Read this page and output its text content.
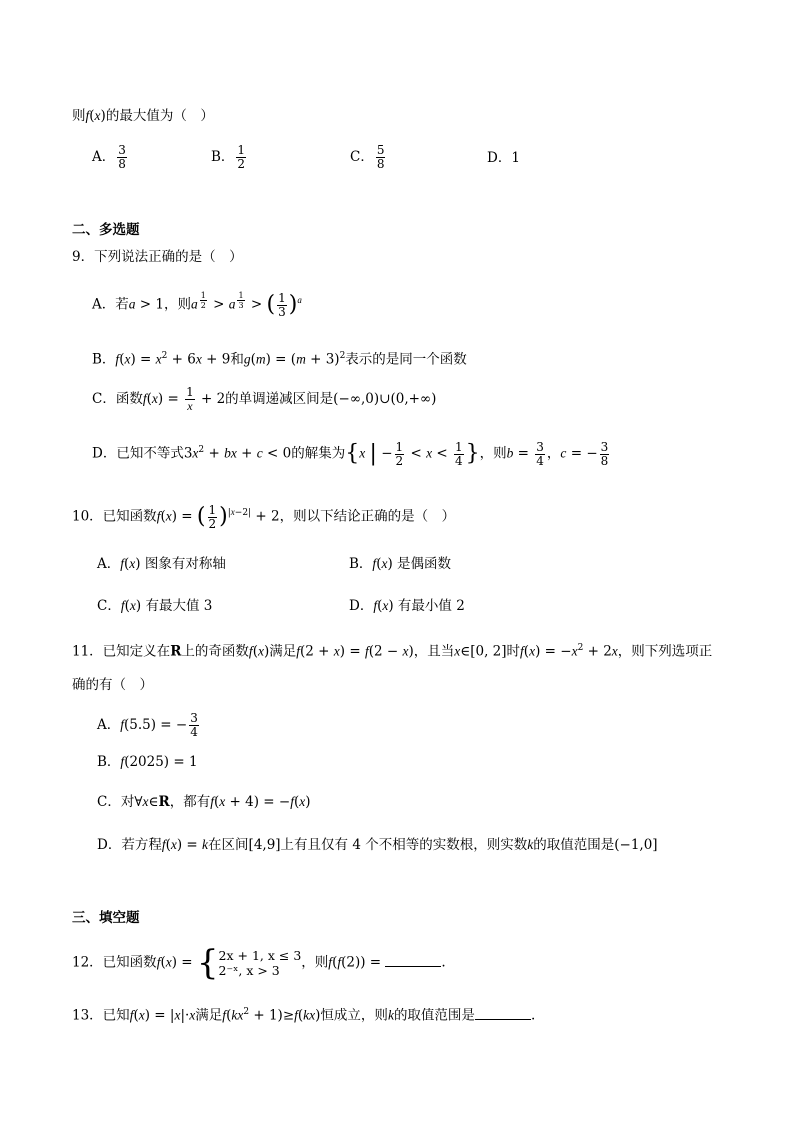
则f(x)的最大值为（　）
A． $\frac{3}{8}$	B． $\frac{1}{2}$	C． $\frac{5}{8}$	D．1
二、多选题
9．下列说法正确的是（　）
A．若a > 1，则a $^{\frac{1}{2}}$ > a $^{\frac{1}{3}}$ > ( $\frac{1}{3} )^a$
B．$f(x) = x^2 + 6x + 9$和$g(m) = (m + 3)^2$表示的是同一个函数
C．函数$f(x) = \frac{1}{x} + 2$的单调递减区间是(−∞,0)∪(0,+∞)
D．已知不等式$3x^2$ + bx + c < 0的解集为{x | − $\frac{1}{2} < x < \frac{1}{4}$ }，则$b = \frac{3}{4}$ ，c = − $\frac{3}{8}$
10．已知函数f(x) = ( $\frac{1}{2} )^{|x-2|} + 2$，则以下结论正确的是（　）
A．f(x) 图象有对称轴	B．f(x) 是偶函数
C．f(x) 有最大值 3	D．f(x) 有最小值 2
11．已知定义在R上的奇函数f(x)满足f(2 + x) = f(2 − x)，且当x∈[0, 2]时$f(x) = -x^2 + 2x$，则下列选项正
确的有（　）
A．f(5.5) = − $\frac{3}{4}$
B．f(2025) = 1
C．对∀x∈R，都有f(x + 4) = −f(x)
D．若方程f(x) = k在区间[4,9]上有且仅有 4 个不相等的实数根，则实数k的取值范围是(−1,0]
三、填空题
12．已知函数f(x) = { 2x + 1, x ≤ 3
2⁻ˣ, x > 3	，则f(f(2)) =	.
13．已知f(x) = |x|·x满足$f(kx^2 + 1)\ge f(kx)$恒成立，则k的取值范围是	.
